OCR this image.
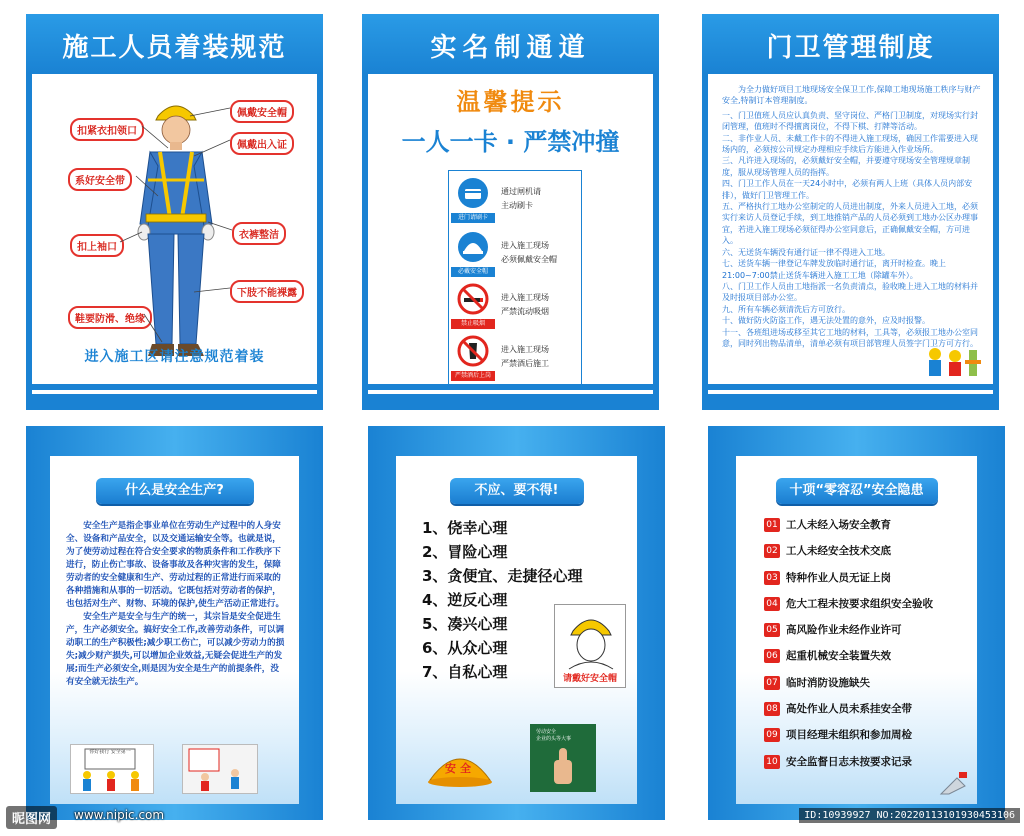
施工人员着装规范
佩戴安全帽
扣紧衣扣领口
佩戴出入证
系好安全带
衣裤整洁
扣上袖口
下肢不能裸露
鞋要防滑、绝缘
进入施工区请注意规范着装
实名制通道
温馨提示
一人一卡 · 严禁冲撞
进门请刷卡
通过闸机请
主动刷卡
必戴安全帽
进入施工现场
必须佩戴安全帽
禁止吸烟
进入施工现场
严禁流动吸烟
严禁酒后上岗
进入施工现场
严禁酒后施工
门卫管理制度
为全力做好项目工地现场安全保卫工作,保障工地现场施工秩序与财产安全,特制订本管理制度。
一、门卫值班人员应认真负责、坚守岗位、严格门卫制度，对现场实行封闭管理，值班时不得擅离岗位，不得下棋、打牌等活动。
二、非作业人员、未戴工作卡的不得进入施工现场，确因工作需要进入现场内的，必须按公司规定办理相应手续后方能进入作业场所。
三、凡许进入现场的，必须戴好安全帽，并要遵守现场安全管理规章制度，服从现场管理人员的指挥。
四、门卫工作人员在一天24小时中，必须有两人上班（具体人员内部安排），做好门卫管理工作。
五、严格执行工地办公室制定的人员进出制度，外来人员进入工地，必须实行来访人员登记手续，到工地推销产品的人员必须到工地办公区办理事宜，若进入施工现场必须征得办公室同意后，正确佩戴安全帽，方可进入。
六、无送货车辆没有通行证一律不得进入工地。
七、送货车辆一律登记车牌发放临时通行证，离开时检查。晚上21:00~7:00禁止送货车辆进入施工工地（除罐车外）。
八、门卫工作人员由工地指派一名负责清点，验收晚上进入工地的材料并及时报项目部办公室。
九、所有车辆必须清洗后方可放行。
十、做好防火防盗工作，遇无法处置的意外，应及时报警。
十一、各班组进场或移至其它工地的材料，工具等，必须报工地办公室同意，同时列出物品清单，清单必须有项目部管理人员签字门卫方可方行。
什么是安全生产?

安全生产是指企事业单位在劳动生产过程中的人身安全、设备和产品安全，以及交通运输安全等。也就是说，为了使劳动过程在符合安全要求的物质条件和工作秩序下进行，防止伤亡事故、设备事故及各种灾害的发生，保障劳动者的安全健康和生产、劳动过程的正常进行而采取的各种措施和从事的一切活动。它既包括对劳动者的保护，也包括对生产、财物、环境的保护,使生产活动正常进行。

安全生产是安全与生产的统一，其宗旨是安全促进生产，生产必须安全。搞好安全工作,改善劳动条件，可以调动职工的生产积极性;减少职工伤亡，可以减少劳动力的损失;减少财产损失,可以增加企业效益,无疑会促进生产的发展;而生产必须安全,则是因为安全是生产的前提条件，没有安全就无法生产。

你好我行 安全第一
不应、要不得!
1、侥幸心理
2、冒险心理
3、贪便宜、走捷径心理
4、逆反心理
5、凑兴心理
6、从众心理
7、自私心理	请戴好安全帽
安全
劳动安全
企业的头等大事
十项“零容忍”安全隐患
01 工人未经入场安全教育
02 工人未经安全技术交底
03 特种作业人员无证上岗
04 危大工程未按要求组织安全验收
05 高风险作业未经作业许可
06 起重机械安全装置失效
07 临时消防设施缺失
08 高处作业人员未系挂安全带
09 项目经理未组织和参加周检
10 安全监督日志未按要求记录
昵图网	www.nipic.com	ID:10939927 NO:20220113101930453106
